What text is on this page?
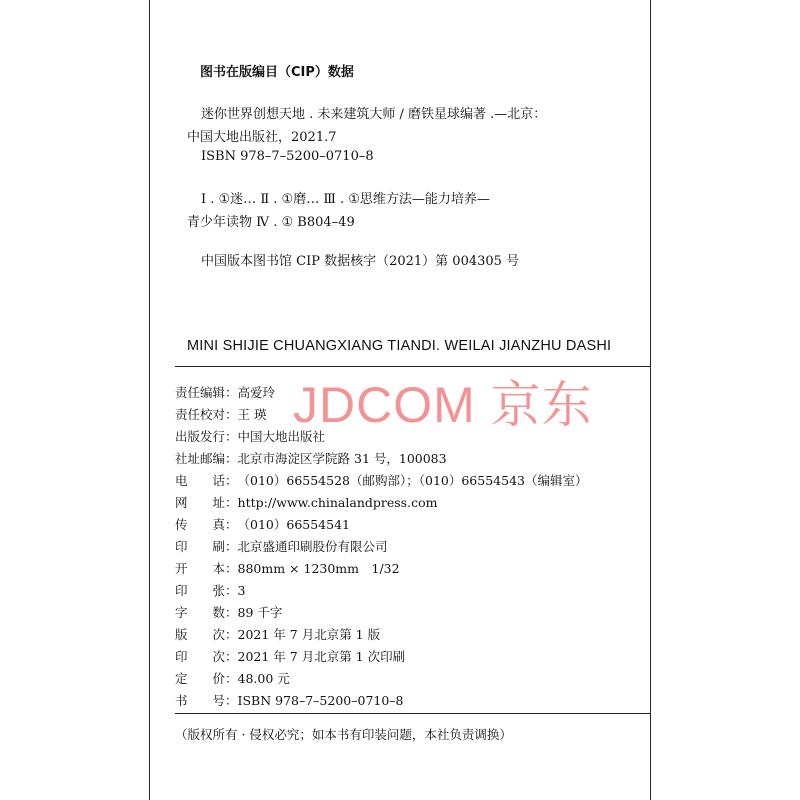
图书在版编目（CIP）数据
迷你世界创想天地 . 未来建筑大师 / 磨铁星球编著 .—北京：
中国大地出版社，2021.7
ISBN 978–7–5200–0710–8
Ⅰ . ①迷… Ⅱ . ①磨… Ⅲ . ①思维方法—能力培养—
青少年读物 Ⅳ . ① B804–49
中国版本图书馆 CIP 数据核字（2021）第 004305 号
MINI SHIJIE CHUANGXIANG TIANDI. WEILAI JIANZHU DASHI
责任编辑：高爱玲
责任校对：王 瑛
出版发行：中国大地出版社
社址邮编：北京市海淀区学院路 31 号，100083
电　　话：（010）66554528（邮购部）；（010）66554543（编辑室）
网　　址：http://www.chinalandpress.com
传　　真：（010）66554541
印　　刷：北京盛通印刷股份有限公司
开　　本：880mm × 1230mm　1/32
印　　张：3
字　　数：89 千字
版　　次：2021 年 7 月北京第 1 版
印　　次：2021 年 7 月北京第 1 次印刷
定　　价：48.00 元
书　　号：ISBN 978–7–5200–0710–8
（版权所有 · 侵权必究；如本书有印装问题，本社负责调换）
JDCOM 京东
